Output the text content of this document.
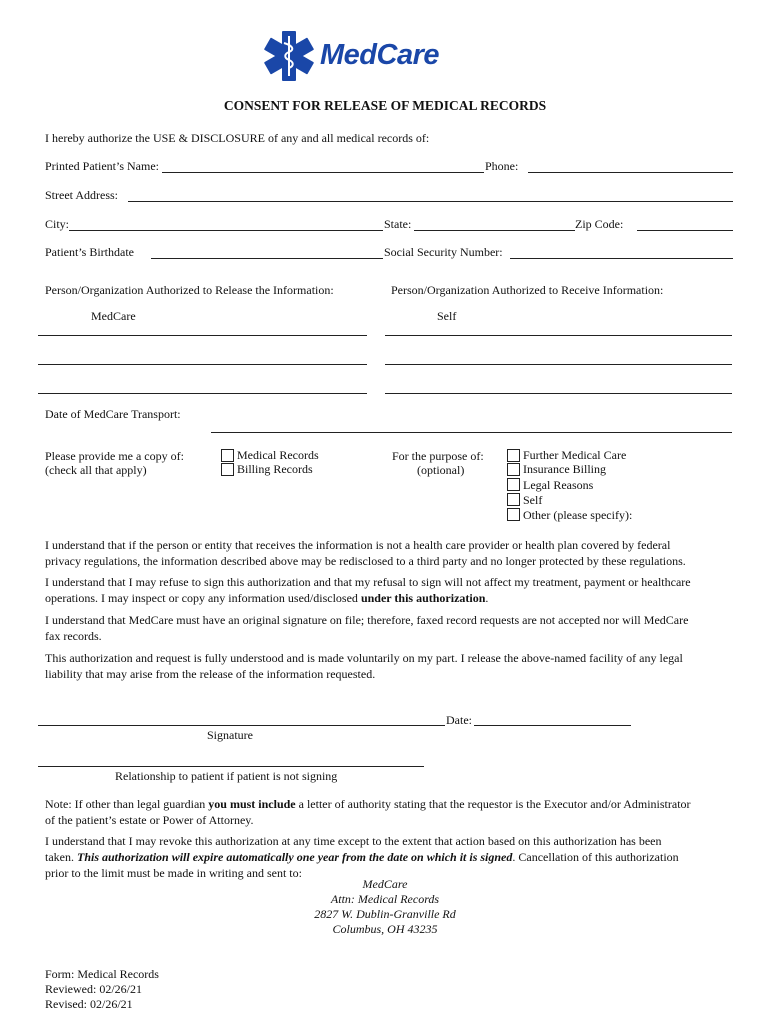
MedCare
CONSENT FOR RELEASE OF MEDICAL RECORDS
I hereby authorize the USE & DISCLOSURE of any and all medical records of:
Printed Patient’s Name:	Phone:
Street Address:
City:	State:	Zip Code:
Patient’s Birthdate	Social Security Number:
Person/Organization Authorized to Release the Information:	Person/Organization Authorized to Receive Information:
MedCare	Self
Date of MedCare Transport:
Please provide me a copy of:
(check all that apply)
Medical Records
Billing Records
For the purpose of:
(optional)
Further Medical Care
Insurance Billing
Legal Reasons
Self
Other (please specify):
I understand that if the person or entity that receives the information is not a health care provider or health plan covered by federal
privacy regulations, the information described above may be redisclosed to a third party and no longer protected by these regulations.
I understand that I may refuse to sign this authorization and that my refusal to sign will not affect my treatment, payment or healthcare
operations. I may inspect or copy any information used/disclosed under this authorization.
I understand that MedCare must have an original signature on file; therefore, faxed record requests are not accepted nor will MedCare
fax records.
This authorization and request is fully understood and is made voluntarily on my part. I release the above-named facility of any legal
liability that may arise from the release of the information requested.
Date:
Signature
Relationship to patient if patient is not signing
Note: If other than legal guardian you must include a letter of authority stating that the requestor is the Executor and/or Administrator
of the patient’s estate or Power of Attorney.
I understand that I may revoke this authorization at any time except to the extent that action based on this authorization has been
taken. This authorization will expire automatically one year from the date on which it is signed. Cancellation of this authorization
prior to the limit must be made in writing and sent to:
MedCare
Attn: Medical Records
2827 W. Dublin-Granville Rd
Columbus, OH 43235
Form: Medical Records
Reviewed: 02/26/21
Revised: 02/26/21
